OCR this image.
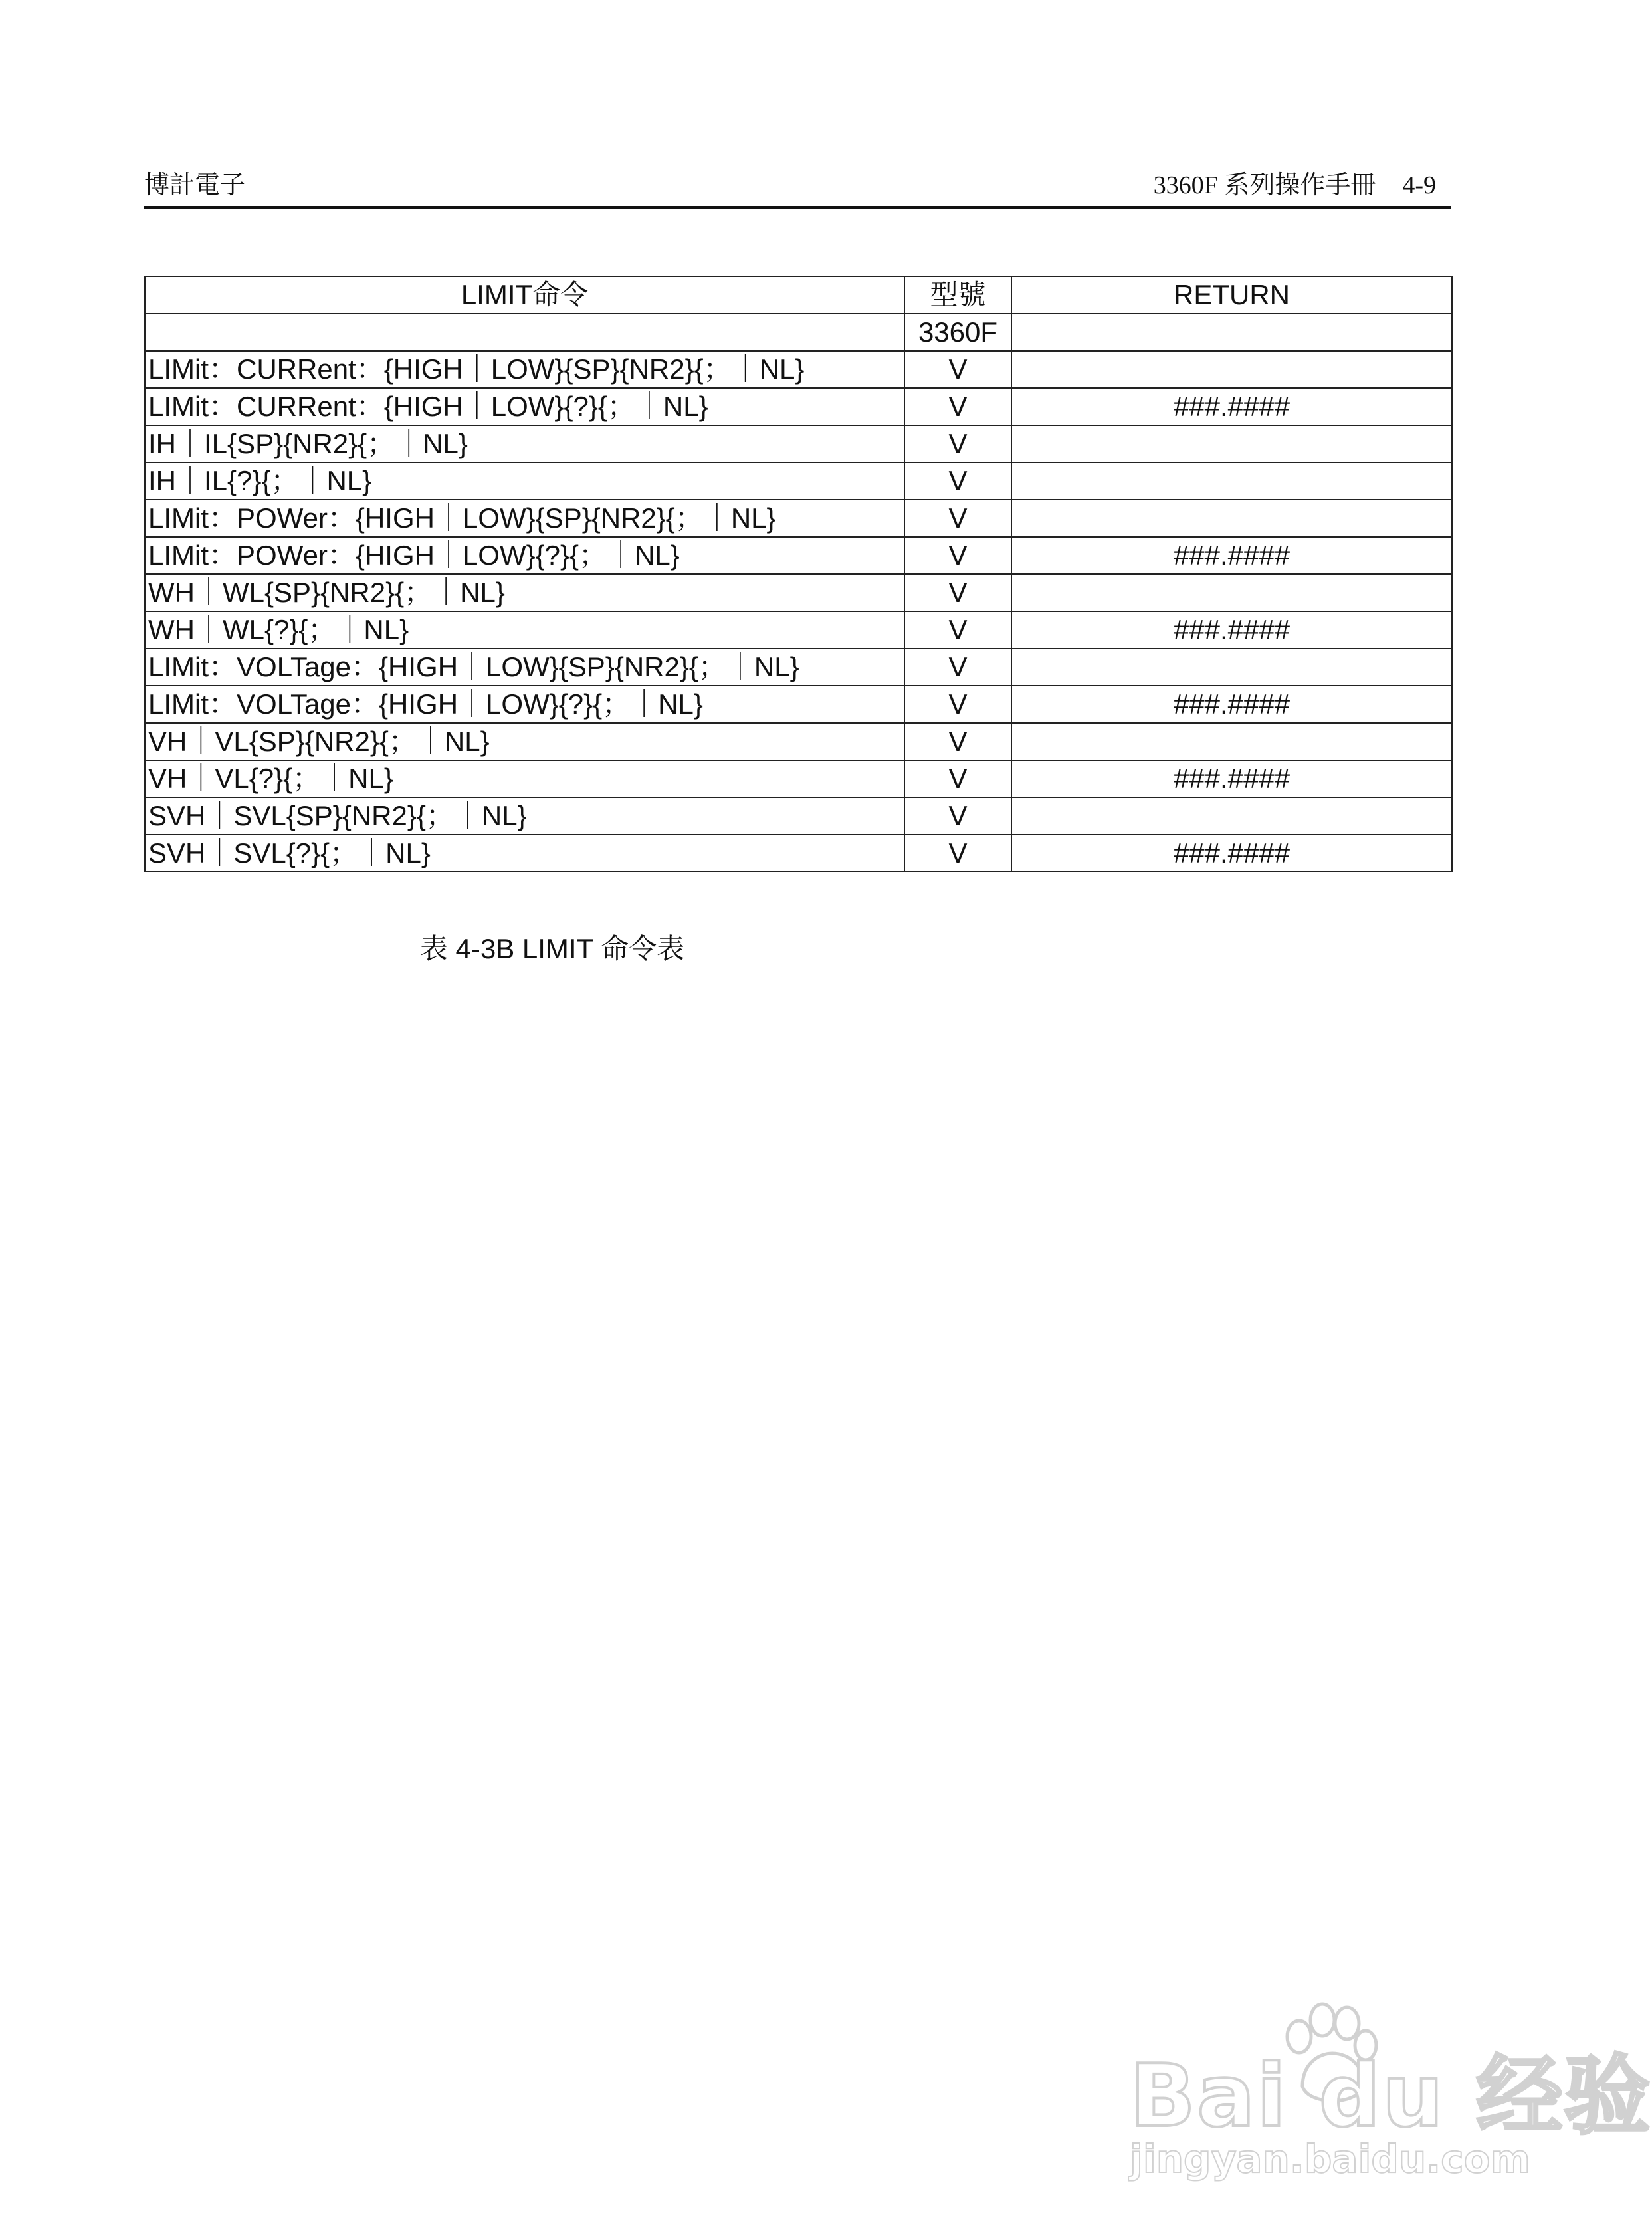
博計電子	3360F 系列操作手冊 4-9
LIMIT命令	型號	RETURN
	3360F	
LIMit：CURRent：{HIGH｜LOW}{SP}{NR2}{；｜NL}	V	
LIMit：CURRent：{HIGH｜LOW}{?}{；｜NL}	V	###.####
IH｜IL{SP}{NR2}{；｜NL}	V	
IH｜IL{?}{；｜NL}	V	
LIMit：POWer：{HIGH｜LOW}{SP}{NR2}{；｜NL}	V	
LIMit：POWer：{HIGH｜LOW}{?}{；｜NL}	V	###.####
WH｜WL{SP}{NR2}{；｜NL}	V	
WH｜WL{?}{；｜NL}	V	###.####
LIMit：VOLTage：{HIGH｜LOW}{SP}{NR2}{；｜NL}	V	
LIMit：VOLTage：{HIGH｜LOW}{?}{；｜NL}	V	###.####
VH｜VL{SP}{NR2}{；｜NL}	V	
VH｜VL{?}{；｜NL}	V	###.####
SVH｜SVL{SP}{NR2}{；｜NL}	V	
SVH｜SVL{?}{；｜NL}	V	###.####
表 4-3B LIMIT 命令表
Bai du 经验
jingyan.baidu.com
